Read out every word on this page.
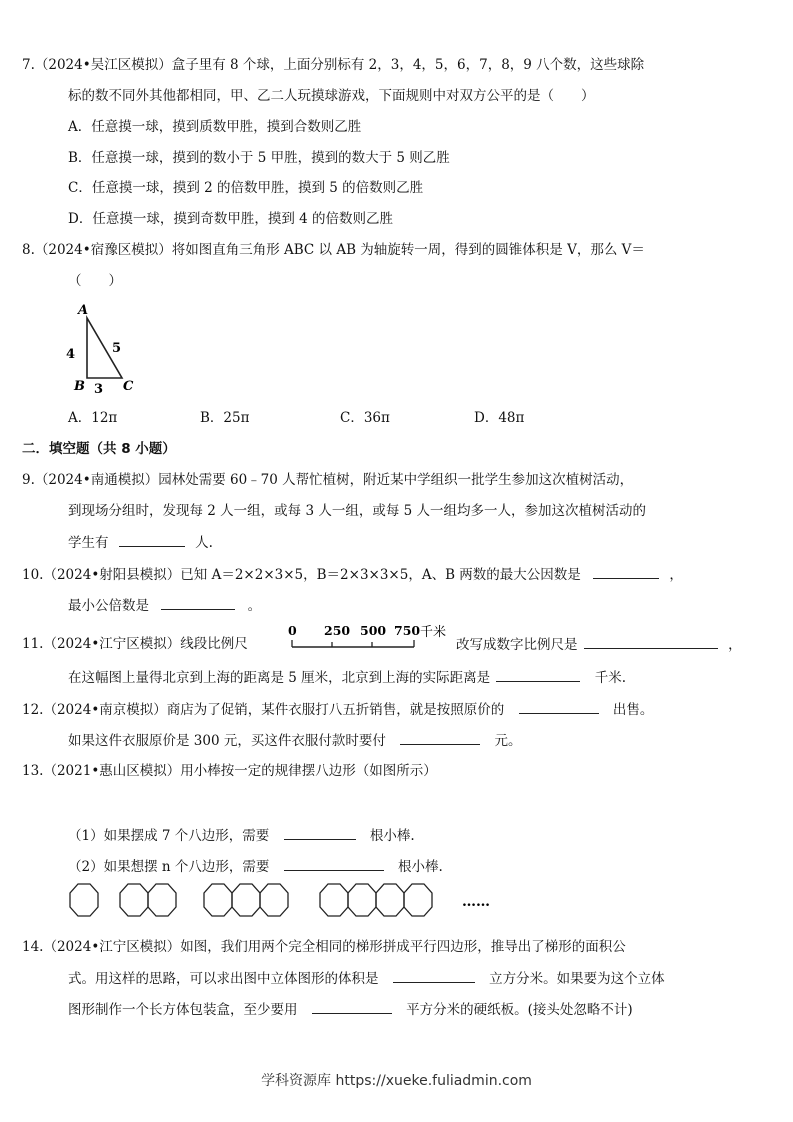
7.（2024•吴江区模拟）盒子里有 8 个球，上面分别标有 2，3，4，5，6，7，8，9 八个数，这些球除
标的数不同外其他都相同，甲、乙二人玩摸球游戏，下面规则中对双方公平的是（　　）
A．任意摸一球，摸到质数甲胜，摸到合数则乙胜
B．任意摸一球，摸到的数小于 5 甲胜，摸到的数大于 5 则乙胜
C．任意摸一球，摸到 2 的倍数甲胜，摸到 5 的倍数则乙胜
D．任意摸一球，摸到奇数甲胜，摸到 4 的倍数则乙胜
8.（2024•宿豫区模拟）将如图直角三角形 ABC 以 AB 为轴旋转一周，得到的圆锥体积是 V，那么 V＝
（　　）
A
B	C
4	5
3
A．12π	B．25π	C．36π	D．48π
二．填空题（共 8 小题）
9.（2024•南通模拟）园林处需要 60﹣70 人帮忙植树，附近某中学组织一批学生参加这次植树活动，
到现场分组时，发现每 2 人一组，或每 3 人一组，或每 5 人一组均多一人，参加这次植树活动的
学生有	人.
10.（2024•射阳县模拟）已知 A＝2×2×3×5，B＝2×3×3×5，A、B 两数的最大公因数是	，
最小公倍数是	。
11.（2024•江宁区模拟）线段比例尺
0 250 500 750 千米
改写成数字比例尺是	，
在这幅图上量得北京到上海的距离是 5 厘米，北京到上海的实际距离是	千米.
12.（2024•南京模拟）商店为了促销，某件衣服打八五折销售，就是按照原价的	出售。
如果这件衣服原价是 300 元，买这件衣服付款时要付	元。
13.（2021•惠山区模拟）用小棒按一定的规律摆八边形（如图所示）
（1）如果摆成 7 个八边形，需要	根小棒.
（2）如果想摆 n 个八边形，需要	根小棒.
……
14.（2024•江宁区模拟）如图，我们用两个完全相同的梯形拼成平行四边形，推导出了梯形的面积公
式。用这样的思路，可以求出图中立体图形的体积是	立方分米。如果要为这个立体
图形制作一个长方体包装盒，至少要用	平方分米的硬纸板。(接头处忽略不计)
学科资源库 https://xueke.fuliadmin.com
